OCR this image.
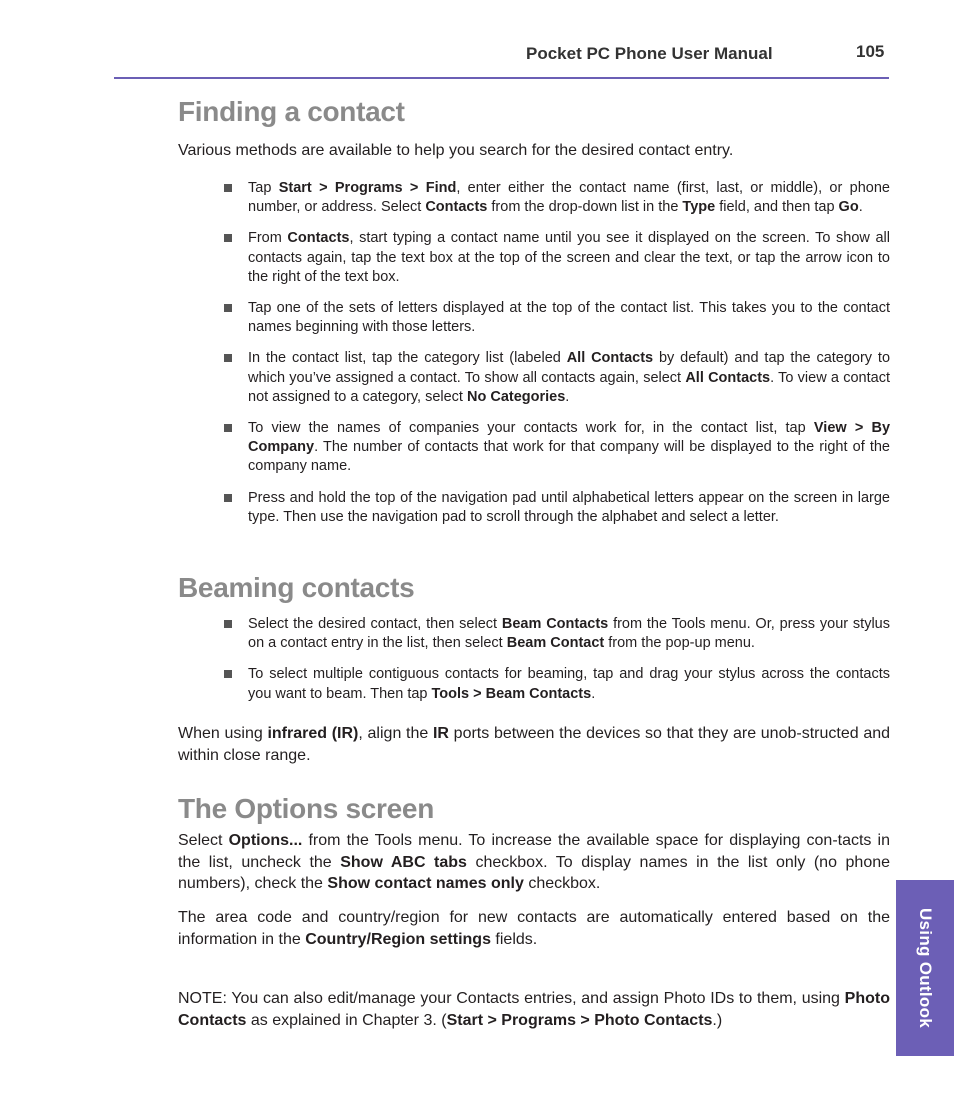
Pocket PC Phone User Manual	105
Finding a contact

Various methods are available to help you search for the desired contact entry.

Tap Start > Programs > Find, enter either the contact name (first, last, or middle), or phone number, or address. Select Contacts from the drop-down list in the Type field, and then tap Go.
From Contacts, start typing a contact name until you see it displayed on the screen. To show all contacts again, tap the text box at the top of the screen and clear the text, or tap the arrow icon to the right of the text box.
Tap one of the sets of letters displayed at the top of the contact list. This takes you to the contact names beginning with those letters.
In the contact list, tap the category list (labeled All Contacts by default) and tap the category to which you’ve assigned a contact. To show all contacts again, select All Contacts. To view a contact not assigned to a category, select No Categories.
To view the names of companies your contacts work for, in the contact list, tap View > By Company. The number of contacts that work for that company will be displayed to the right of the company name.
Press and hold the top of the navigation pad until alphabetical letters appear on the screen in large type. Then use the navigation pad to scroll through the alphabet and select a letter.
Beaming contacts
Select the desired contact, then select Beam Contacts from the Tools menu. Or, press your stylus on a contact entry in the list, then select Beam Contact from the pop-up menu.
To select multiple contiguous contacts for beaming, tap and drag your stylus across the contacts you want to beam. Then tap Tools > Beam Contacts.

When using infrared (IR), align the IR ports between the devices so that they are unob-structed and within close range.

The Options screen

Select Options... from the Tools menu. To increase the available space for displaying con-tacts in the list, uncheck the Show ABC tabs checkbox. To display names in the list only (no phone numbers), check the Show contact names only checkbox.

The area code and country/region for new contacts are automatically entered based on the information in the Country/Region settings fields.

NOTE: You can also edit/manage your Contacts entries, and assign Photo IDs to them, using Photo Contacts as explained in Chapter 3. (Start > Programs > Photo Contacts.)	Using Outlook
